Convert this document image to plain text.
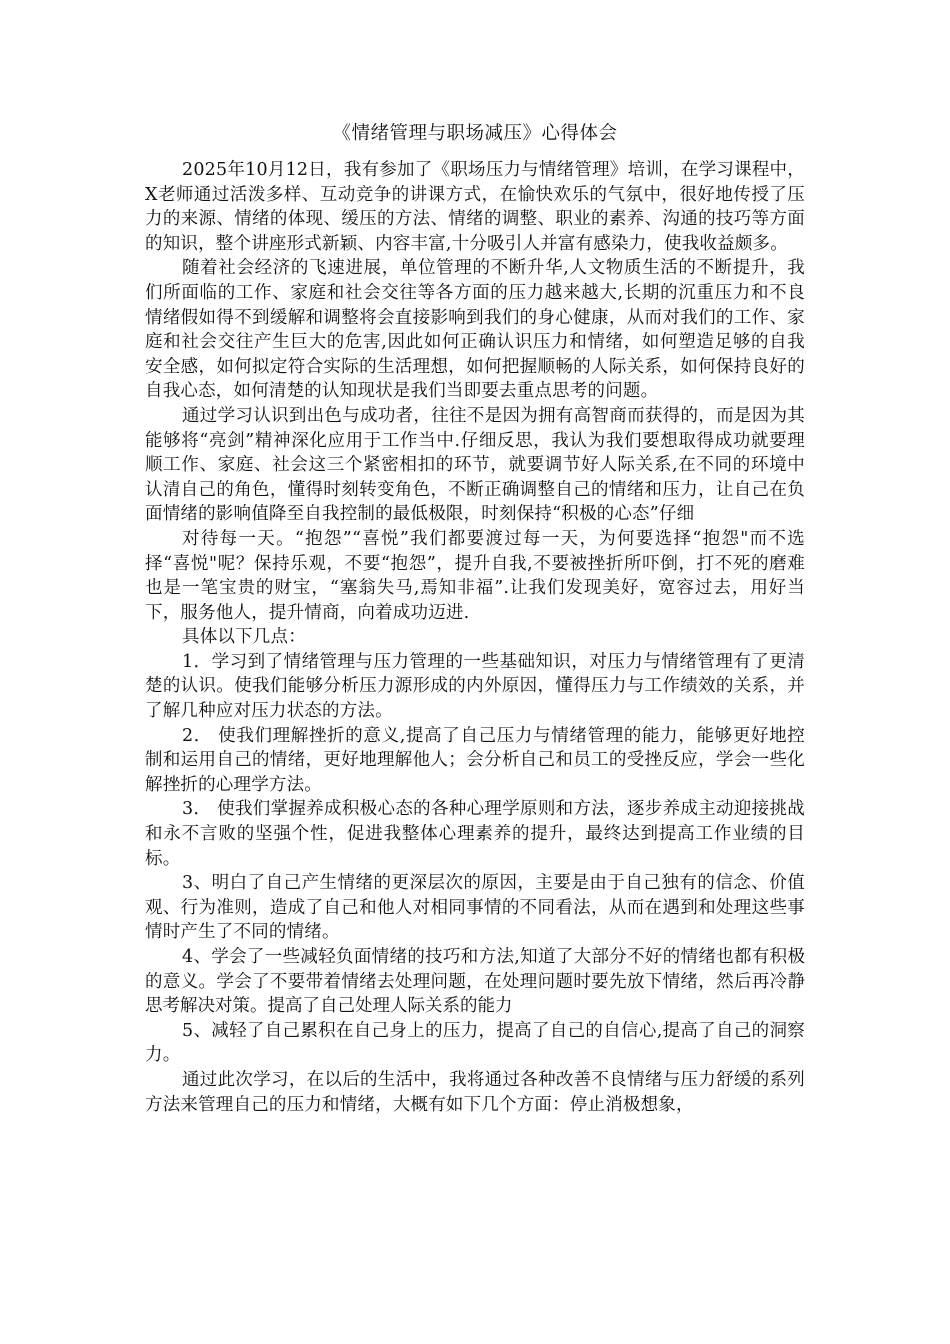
《情绪管理与职场减压》心得体会

2025年10月12日，我有参加了《职场压力与情绪管理》培训，在学习课程中，X老师通过活泼多样、互动竞争的讲课方式，在愉快欢乐的气氛中，很好地传授了压力的来源、情绪的体现、缓压的方法、情绪的调整、职业的素养、沟通的技巧等方面的知识，整个讲座形式新颖、内容丰富,十分吸引人并富有感染力，使我收益颇多。

随着社会经济的飞速进展，单位管理的不断升华,人文物质生活的不断提升，我们所面临的工作、家庭和社会交往等各方面的压力越来越大,长期的沉重压力和不良情绪假如得不到缓解和调整将会直接影响到我们的身心健康，从而对我们的工作、家庭和社会交往产生巨大的危害,因此如何正确认识压力和情绪，如何塑造足够的自我安全感，如何拟定符合实际的生活理想，如何把握顺畅的人际关系，如何保持良好的自我心态，如何清楚的认知现状是我们当即要去重点思考的问题。

通过学习认识到出色与成功者，往往不是因为拥有高智商而获得的，而是因为其能够将“亮剑”精神深化应用于工作当中.仔细反思，我认为我们要想取得成功就要理顺工作、家庭、社会这三个紧密相扣的环节，就要调节好人际关系,在不同的环境中认清自己的角色，懂得时刻转变角色，不断正确调整自己的情绪和压力，让自己在负面情绪的影响值降至自我控制的最低极限，时刻保持“积极的心态”仔细

对待每一天。“抱怨”“喜悦”我们都要渡过每一天，为何要选择“抱怨"而不选择“喜悦"呢？保持乐观，不要“抱怨”，提升自我,不要被挫折所吓倒，打不死的磨难也是一笔宝贵的财宝，“塞翁失马,焉知非福”.让我们发现美好，宽容过去，用好当下，服务他人，提升情商，向着成功迈进.

具体以下几点：

1．学习到了情绪管理与压力管理的一些基础知识，对压力与情绪管理有了更清楚的认识。使我们能够分析压力源形成的内外原因，懂得压力与工作绩效的关系，并了解几种应对压力状态的方法。

2． 使我们理解挫折的意义,提高了自己压力与情绪管理的能力，能够更好地控制和运用自己的情绪，更好地理解他人；会分析自己和员工的受挫反应，学会一些化解挫折的心理学方法。

3． 使我们掌握养成积极心态的各种心理学原则和方法，逐步养成主动迎接挑战和永不言败的坚强个性，促进我整体心理素养的提升，最终达到提高工作业绩的目标。

3、明白了自己产生情绪的更深层次的原因，主要是由于自己独有的信念、价值观、行为准则，造成了自己和他人对相同事情的不同看法，从而在遇到和处理这些事情时产生了不同的情绪。

4、学会了一些减轻负面情绪的技巧和方法,知道了大部分不好的情绪也都有积极的意义。学会了不要带着情绪去处理问题，在处理问题时要先放下情绪，然后再冷静思考解决对策。提高了自己处理人际关系的能力

5、减轻了自己累积在自己身上的压力，提高了自己的自信心,提高了自己的洞察力。

通过此次学习，在以后的生活中，我将通过各种改善不良情绪与压力舒缓的系列方法来管理自己的压力和情绪，大概有如下几个方面：停止消极想象，
